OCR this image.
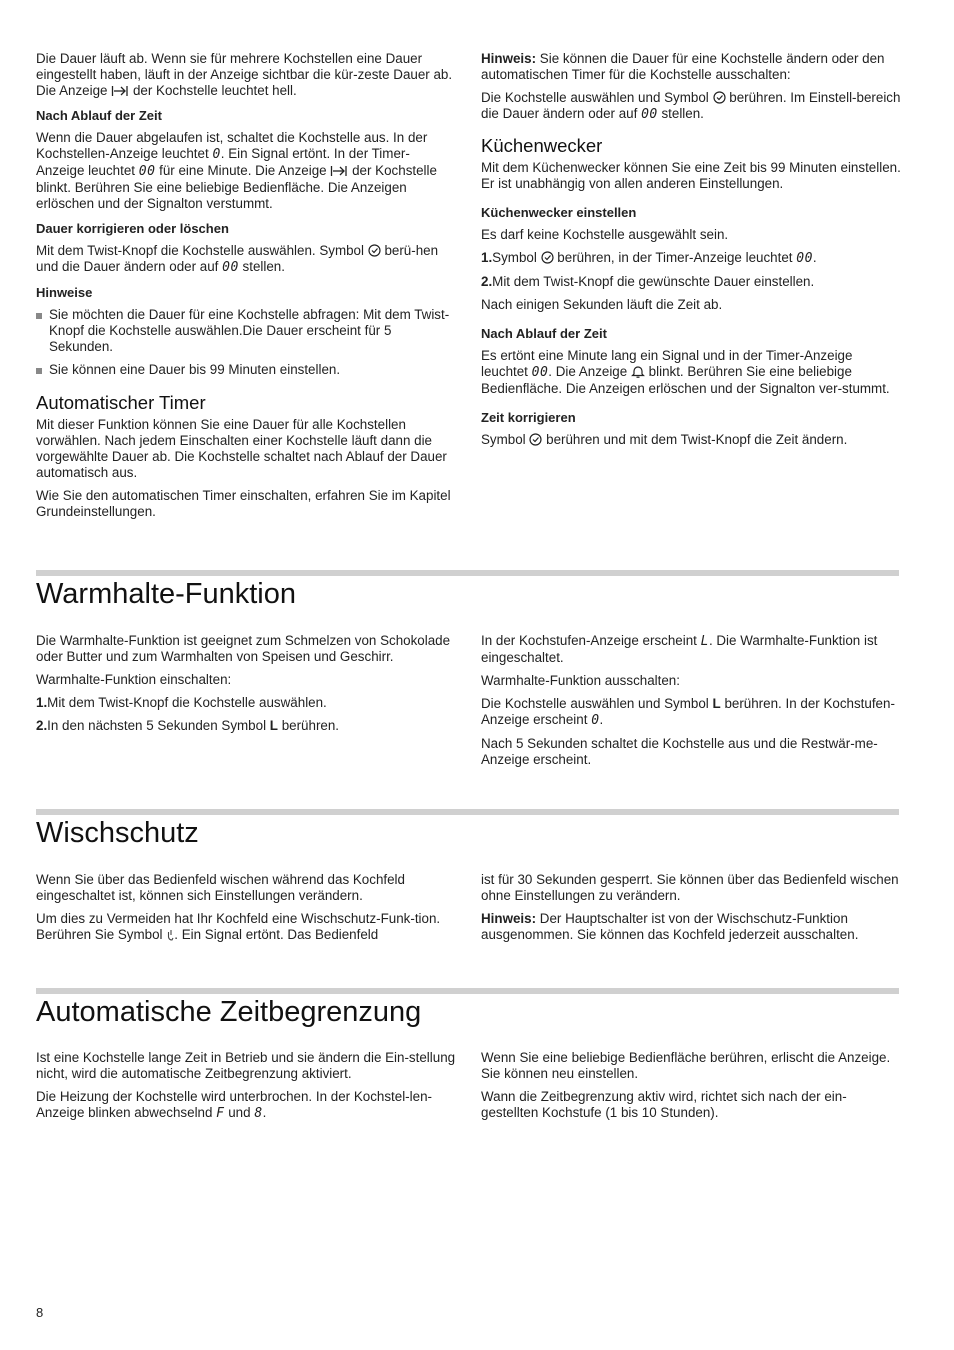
Die Dauer läuft ab. Wenn sie für mehrere Kochstellen eine Dauer eingestellt haben, läuft in der Anzeige sichtbar die kür-zeste Dauer ab. Die Anzeige der Kochstelle leuchtet hell.

Nach Ablauf der Zeit

Wenn die Dauer abgelaufen ist, schaltet die Kochstelle aus. In der Kochstellen-Anzeige leuchtet 0. Ein Signal ertönt. In der Timer-Anzeige leuchtet 00 für eine Minute. Die Anzeige der Kochstelle blinkt. Berühren Sie eine beliebige Bedienfläche. Die Anzeigen erlöschen und der Signalton verstummt.

Dauer korrigieren oder löschen

Mit dem Twist-Knopf die Kochstelle auswählen. Symbol berü-hen und die Dauer ändern oder auf 00 stellen.

Hinweise
Sie möchten die Dauer für eine Kochstelle abfragen: Mit dem Twist-Knopf die Kochstelle auswählen.Die Dauer erscheint für 5 Sekunden.
Sie können eine Dauer bis 99 Minuten einstellen.
Automatischer Timer

Mit dieser Funktion können Sie eine Dauer für alle Kochstellen vorwählen. Nach jedem Einschalten einer Kochstelle läuft dann die vorgewählte Dauer ab. Die Kochstelle schaltet nach Ablauf der Dauer automatisch aus.

Wie Sie den automatischen Timer einschalten, erfahren Sie im Kapitel Grundeinstellungen.

Hinweis: Sie können die Dauer für eine Kochstelle ändern oder den automatischen Timer für die Kochstelle ausschalten:

Die Kochstelle auswählen und Symbol berühren. Im Einstell-bereich die Dauer ändern oder auf 00 stellen.

Küchenwecker

Mit dem Küchenwecker können Sie eine Zeit bis 99 Minuten einstellen. Er ist unabhängig von allen anderen Einstellungen.

Küchenwecker einstellen

Es darf keine Kochstelle ausgewählt sein.

1.Symbol berühren, in der Timer-Anzeige leuchtet 00.
2.Mit dem Twist-Knopf die gewünschte Dauer einstellen.

Nach einigen Sekunden läuft die Zeit ab.

Nach Ablauf der Zeit

Es ertönt eine Minute lang ein Signal und in der Timer-Anzeige leuchtet 00. Die Anzeige blinkt. Berühren Sie eine beliebige Bedienfläche. Die Anzeigen erlöschen und der Signalton ver-stummt.

Zeit korrigieren

Symbol berühren und mit dem Twist-Knopf die Zeit ändern.

Warmhalte-Funktion

Die Warmhalte-Funktion ist geeignet zum Schmelzen von Schokolade oder Butter und zum Warmhalten von Speisen und Geschirr.

Warmhalte-Funktion einschalten:

1.Mit dem Twist-Knopf die Kochstelle auswählen.
2.In den nächsten 5 Sekunden Symbol L berühren.

In der Kochstufen-Anzeige erscheint L. Die Warmhalte-Funktion ist eingeschaltet.

Warmhalte-Funktion ausschalten:

Die Kochstelle auswählen und Symbol L berühren. In der Kochstufen-Anzeige erscheint 0.

Nach 5 Sekunden schaltet die Kochstelle aus und die Restwär-me-Anzeige erscheint.

Wischschutz

Wenn Sie über das Bedienfeld wischen während das Kochfeld eingeschaltet ist, können sich Einstellungen verändern.

Um dies zu Vermeiden hat Ihr Kochfeld eine Wischschutz-Funk-tion. Berühren Sie Symbol . Ein Signal ertönt. Das Bedienfeld

ist für 30 Sekunden gesperrt. Sie können über das Bedienfeld wischen ohne Einstellungen zu verändern.

Hinweis: Der Hauptschalter ist von der Wischschutz-Funktion ausgenommen. Sie können das Kochfeld jederzeit ausschalten.

Automatische Zeitbegrenzung

Ist eine Kochstelle lange Zeit in Betrieb und sie ändern die Ein-stellung nicht, wird die automatische Zeitbegrenzung aktiviert.

Die Heizung der Kochstelle wird unterbrochen. In der Kochstel-len-Anzeige blinken abwechselnd F und 8.

Wenn Sie eine beliebige Bedienfläche berühren, erlischt die Anzeige. Sie können neu einstellen.

Wann die Zeitbegrenzung aktiv wird, richtet sich nach der ein-gestellten Kochstufe (1 bis 10 Stunden).

8
